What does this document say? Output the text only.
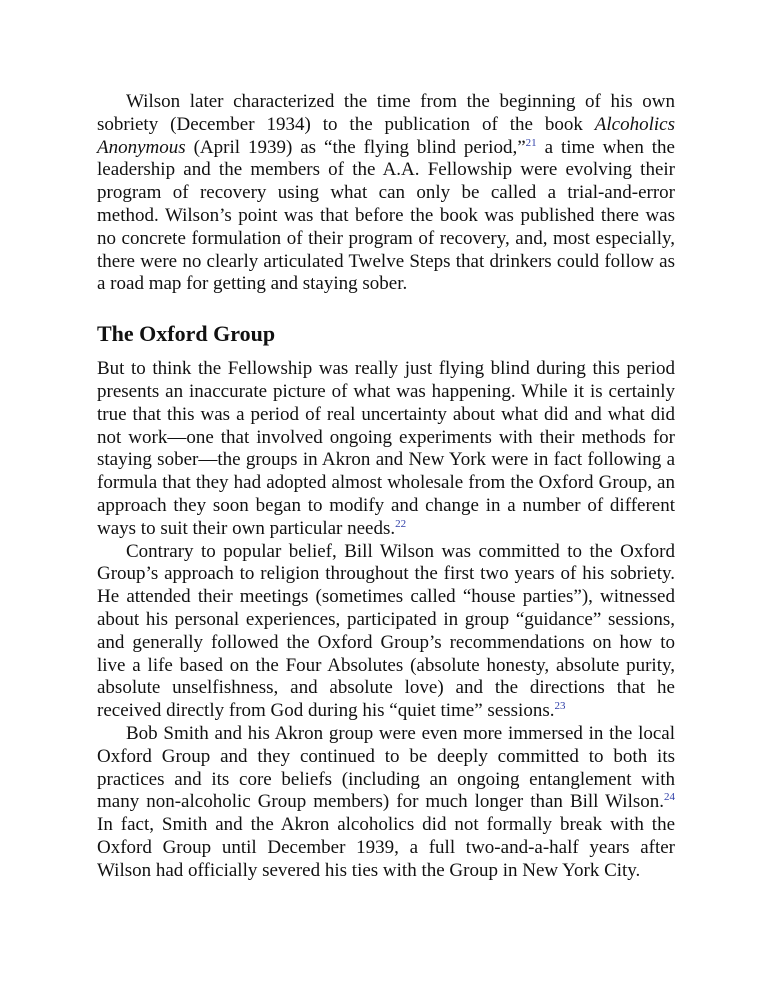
Wilson later characterized the time from the beginning of his own sobriety (December 1934) to the publication of the book Alcoholics Anonymous (April 1939) as “the flying blind period,”$^{21}$ a time when the leadership and the members of the A.A. Fellowship were evolving their program of recovery using what can only be called a trial-and-error method. Wilson’s point was that before the book was published there was no concrete formulation of their program of recovery, and, most especially, there were no clearly articulated Twelve Steps that drinkers could follow as a road map for getting and staying sober.

The Oxford Group

But to think the Fellowship was really just flying blind during this period presents an inaccurate picture of what was happening. While it is certainly true that this was a period of real uncertainty about what did and what did not work—one that involved ongoing experiments with their methods for staying sober—the groups in Akron and New York were in fact following a formula that they had adopted almost wholesale from the Oxford Group, an approach they soon began to modify and change in a number of different ways to suit their own particular needs.$^{22}$

Contrary to popular belief, Bill Wilson was committed to the Oxford Group’s approach to religion throughout the first two years of his sobriety. He attended their meetings (sometimes called “house parties”), witnessed about his personal experiences, participated in group “guidance” sessions, and generally followed the Oxford Group’s recommendations on how to live a life based on the Four Absolutes (absolute honesty, absolute purity, absolute unselfishness, and absolute love) and the directions that he received directly from God during his “quiet time” sessions.$^{23}$

Bob Smith and his Akron group were even more immersed in the local Oxford Group and they continued to be deeply committed to both its practices and its core beliefs (including an ongoing entanglement with many non-alcoholic Group members) for much longer than Bill Wilson.$^{24}$ In fact, Smith and the Akron alcoholics did not formally break with the Oxford Group until December 1939, a full two-and-a-half years after Wilson had officially severed his ties with the Group in New York City.
